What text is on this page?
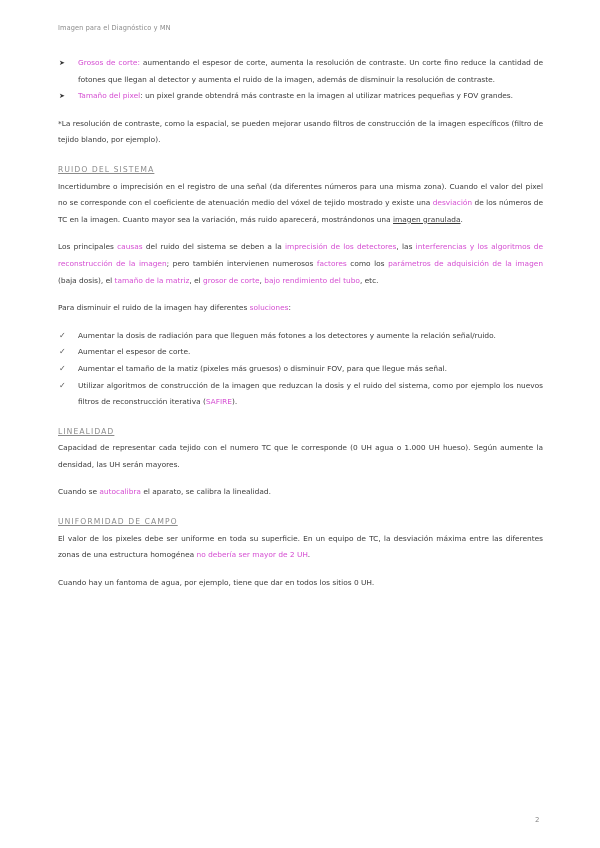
Imagen para el Diagnóstico y MN
➤ Grosos de corte: aumentando el espesor de corte, aumenta la resolución de contraste. Un corte fino reduce la cantidad de fotones que llegan al detector y aumenta el ruido de la imagen, además de disminuir la resolución de contraste.
➤ Tamaño del pixel: un pixel grande obtendrá más contraste en la imagen al utilizar matrices pequeñas y FOV grandes.

*La resolución de contraste, como la espacial, se pueden mejorar usando filtros de construcción de la imagen específicos (filtro de tejido blando, por ejemplo).

RUIDO DEL SISTEMA

Incertidumbre o imprecisión en el registro de una señal (da diferentes números para una misma zona). Cuando el valor del pixel no se corresponde con el coeficiente de atenuación medio del vóxel de tejido mostrado y existe una desviación de los números de TC en la imagen. Cuanto mayor sea la variación, más ruido aparecerá, mostrándonos una imagen granulada.

Los principales causas del ruido del sistema se deben a la imprecisión de los detectores, las interferencias y los algoritmos de reconstrucción de la imagen; pero también intervienen numerosos factores como los parámetros de adquisición de la imagen (baja dosis), el tamaño de la matriz, el grosor de corte, bajo rendimiento del tubo, etc.

Para disminuir el ruido de la imagen hay diferentes soluciones:

✓ Aumentar la dosis de radiación para que lleguen más fotones a los detectores y aumente la relación señal/ruido.
✓ Aumentar el espesor de corte.
✓ Aumentar el tamaño de la matiz (pixeles más gruesos) o disminuir FOV, para que llegue más señal.
✓ Utilizar algoritmos de construcción de la imagen que reduzcan la dosis y el ruido del sistema, como por ejemplo los nuevos filtros de reconstrucción iterativa (SAFIRE).

LINEALIDAD

Capacidad de representar cada tejido con el numero TC que le corresponde (0 UH agua o 1.000 UH hueso). Según aumente la densidad, las UH serán mayores.

Cuando se autocalibra el aparato, se calibra la linealidad.

UNIFORMIDAD DE CAMPO

El valor de los pixeles debe ser uniforme en toda su superficie. En un equipo de TC, la desviación máxima entre las diferentes zonas de una estructura homogénea no debería ser mayor de 2 UH.

Cuando hay un fantoma de agua, por ejemplo, tiene que dar en todos los sitios 0 UH.

2
